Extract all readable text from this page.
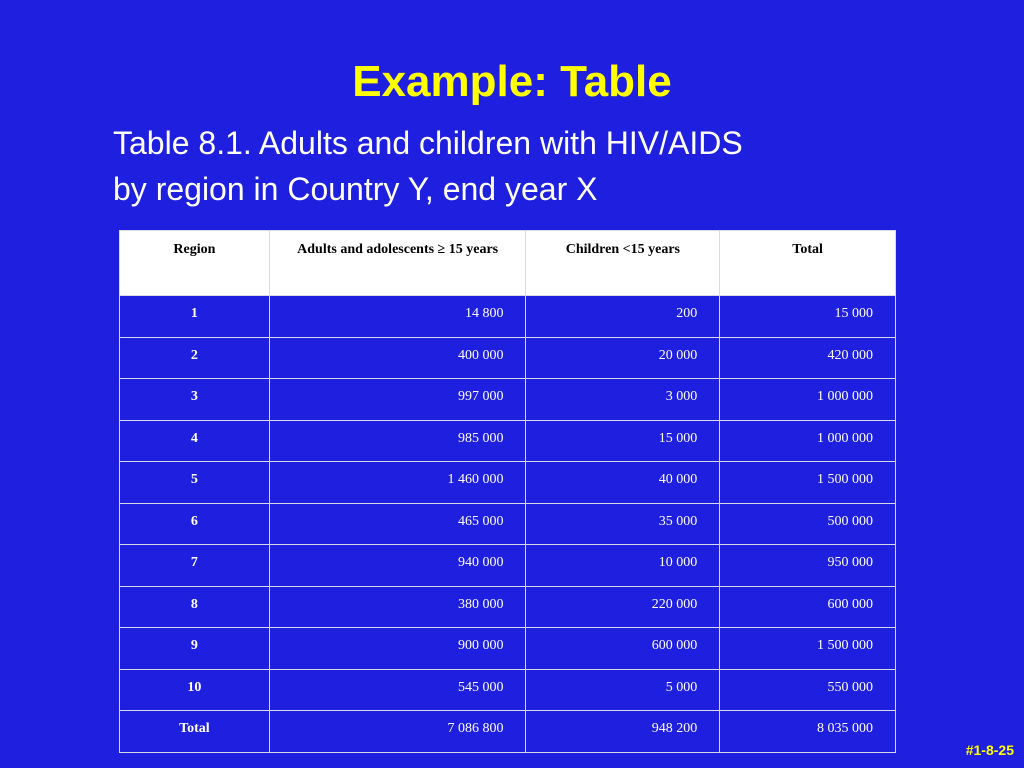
Example: Table

Table 8.1. Adults and children with HIV/AIDS
by region in Country Y, end year X

Region	Adults and adolescents ≥ 15 years	Children <15 years	Total
1	14 800	200	15 000
2	400 000	20 000	420 000
3	997 000	3 000	1 000 000
4	985 000	15 000	1 000 000
5	1 460 000	40 000	1 500 000
6	465 000	35 000	500 000
7	940 000	10 000	950 000
8	380 000	220 000	600 000
9	900 000	600 000	1 500 000
10	545 000	5 000	550 000
Total	7 086 800	948 200	8 035 000
#1-8-25
